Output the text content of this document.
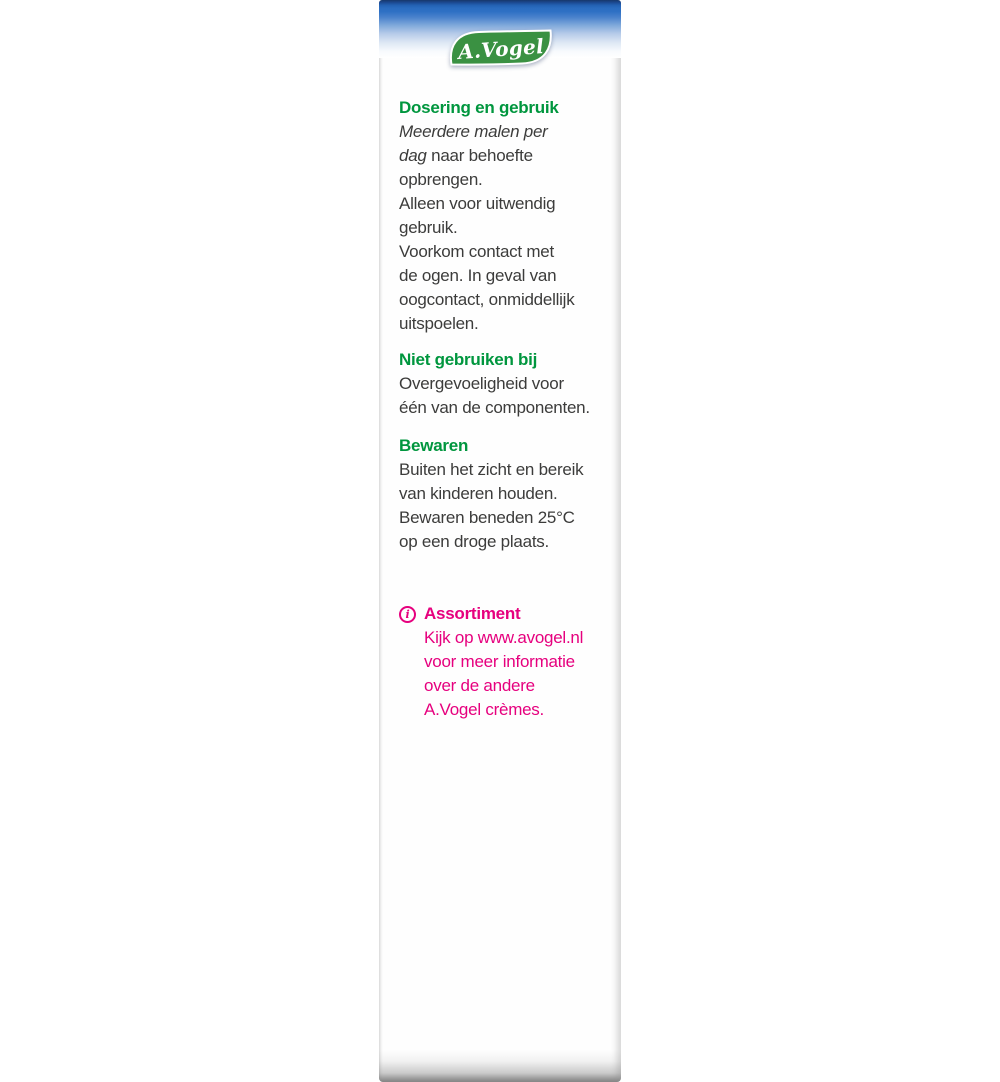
A.Vogel
Dosering en gebruik
Meerdere malen per
dag naar behoefte
opbrengen.
Alleen voor uitwendig
gebruik.
Voorkom contact met
de ogen. In geval van
oogcontact, onmiddellijk
uitspoelen.
Niet gebruiken bij
Overgevoeligheid voor
één van de componenten.
Bewaren
Buiten het zicht en bereik
van kinderen houden.
Bewaren beneden 25°C
op een droge plaats.
i Assortiment
Kijk op www.avogel.nl
voor meer informatie
over de andere
A.Vogel crèmes.
